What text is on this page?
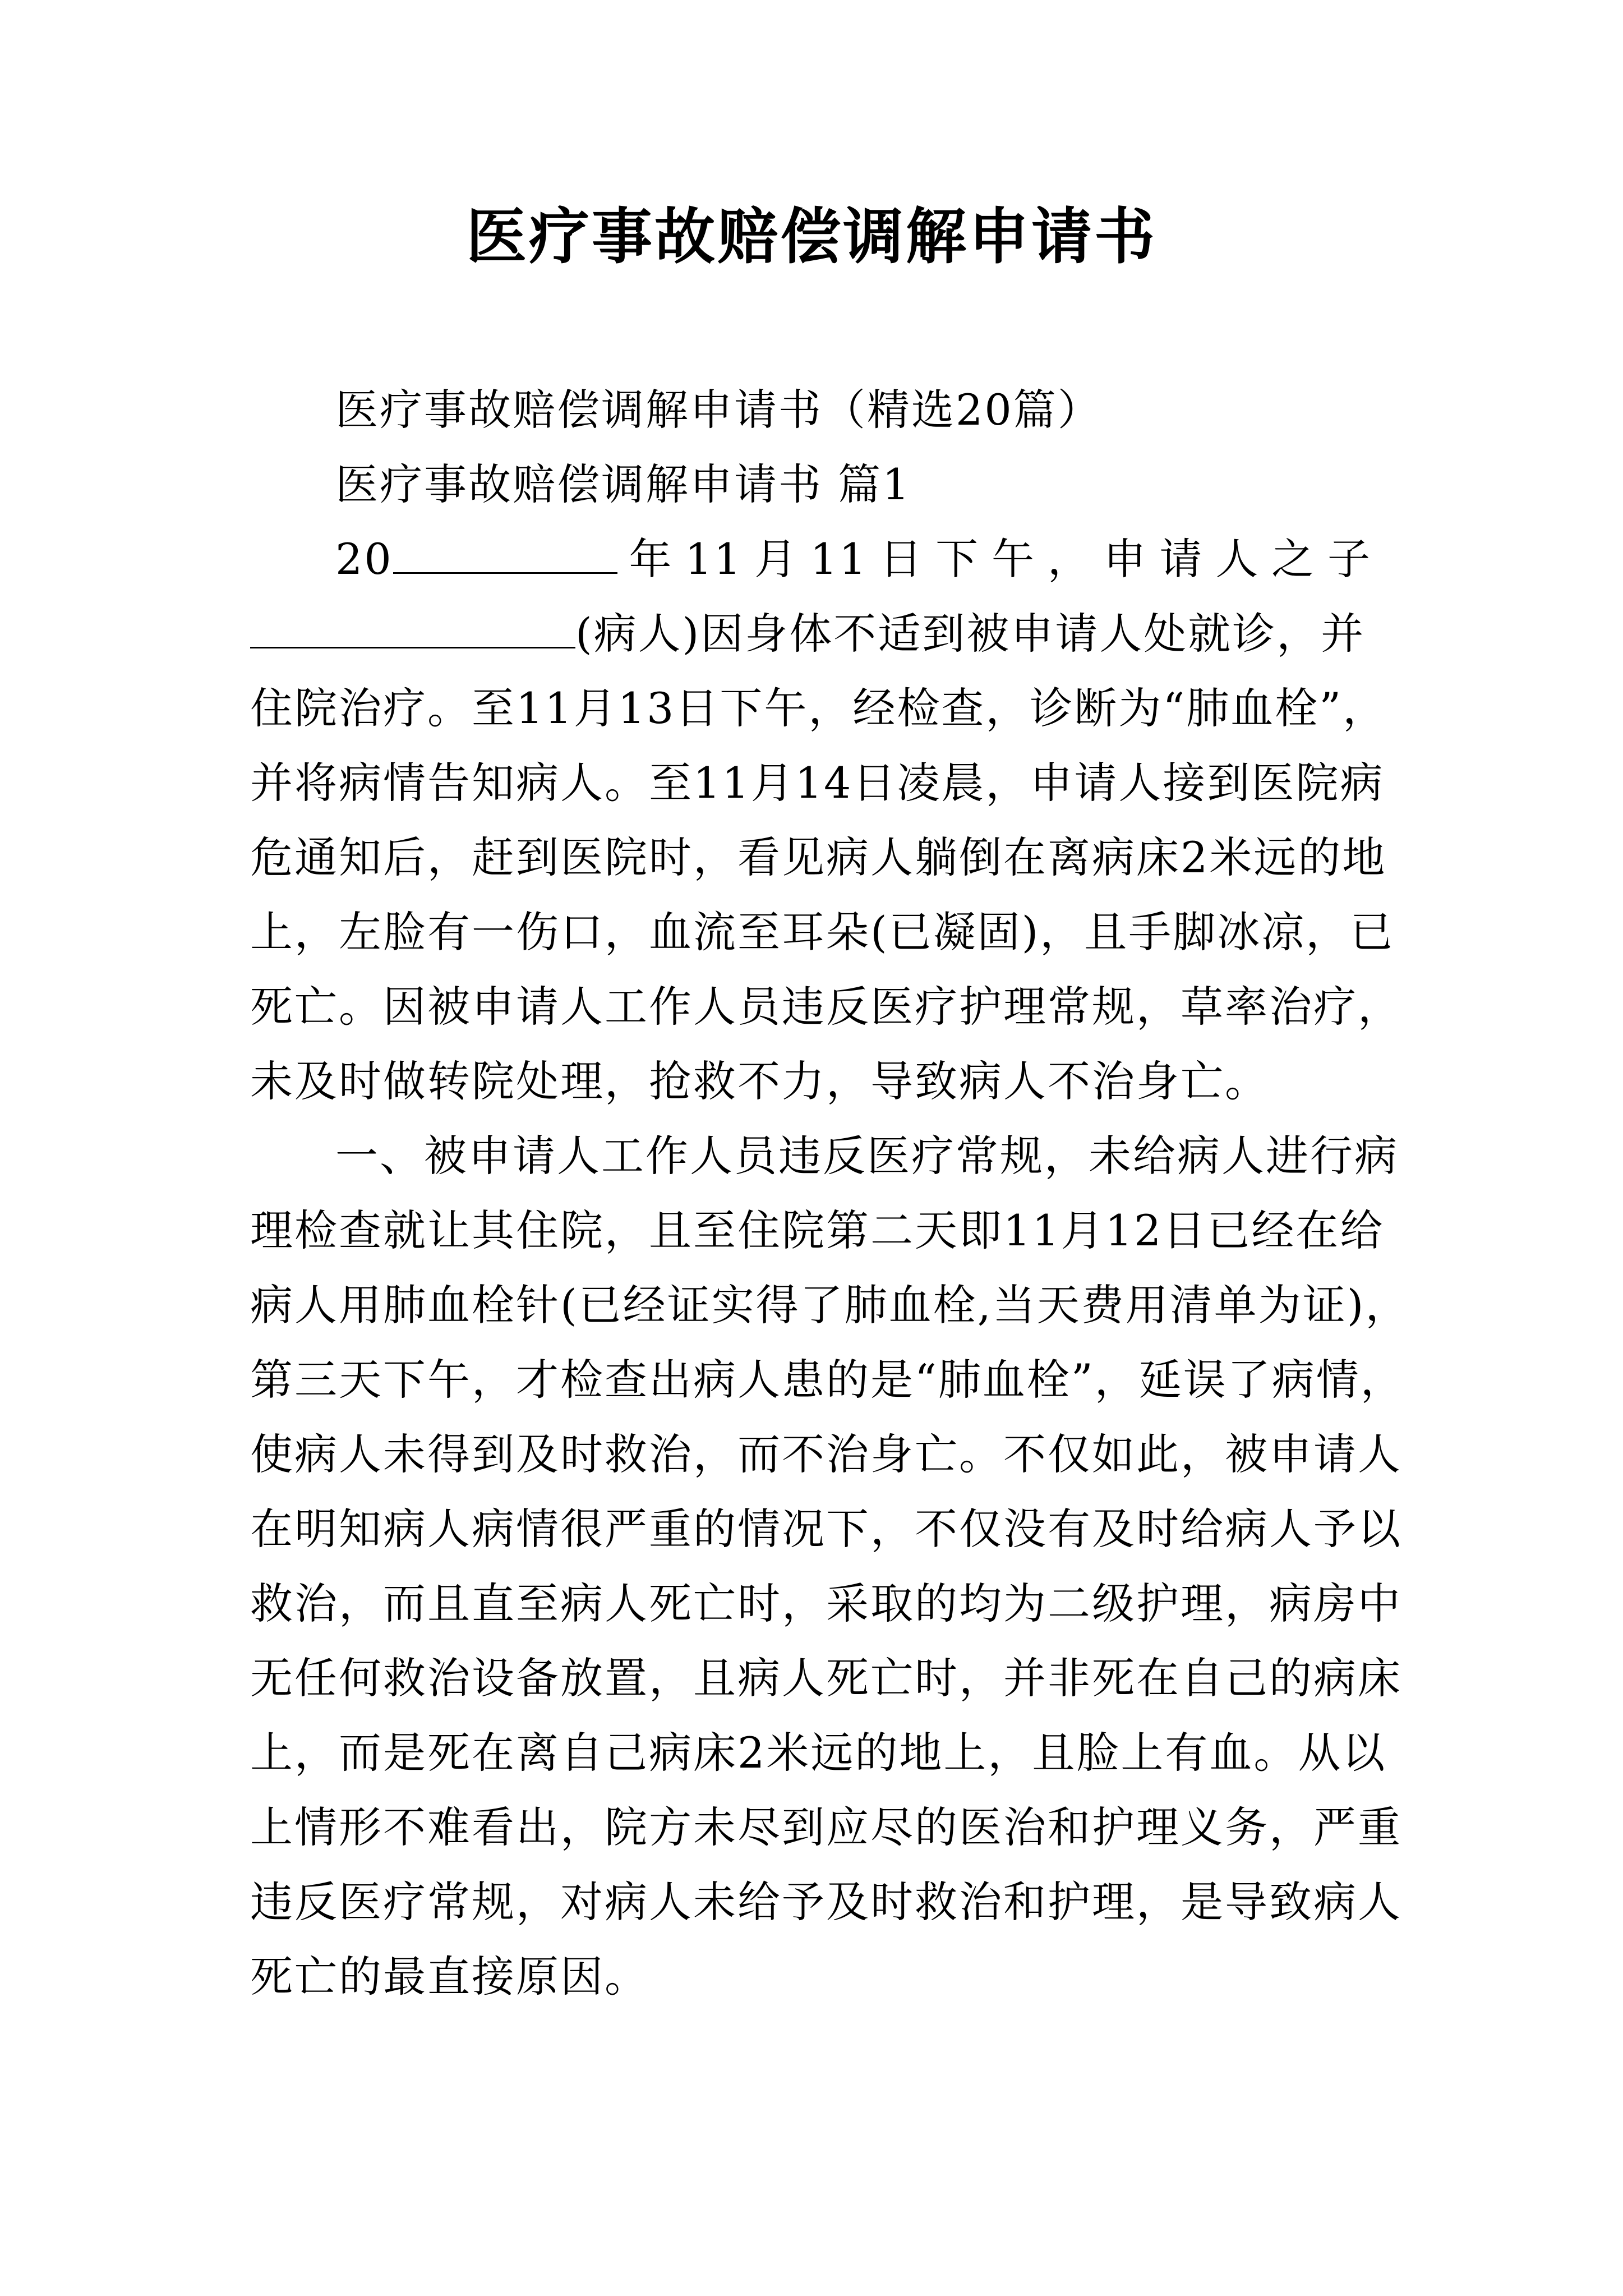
医疗事故赔偿调解申请书
医疗事故赔偿调解申请书（精选20篇）
医疗事故赔偿调解申请书 篇1
20	年11月11日下午，申请人之子
(病人)因身体不适到被申请人处就诊，并
住院治疗。至11月13日下午，经检查，诊断为“肺血栓”，
并将病情告知病人。至11月14日凌晨，申请人接到医院病
危通知后，赶到医院时，看见病人躺倒在离病床2米远的地
上，左脸有一伤口，血流至耳朵(已凝固)，且手脚冰凉，已
死亡。因被申请人工作人员违反医疗护理常规，草率治疗，
未及时做转院处理，抢救不力，导致病人不治身亡。
一、被申请人工作人员违反医疗常规，未给病人进行病
理检查就让其住院，且至住院第二天即11月12日已经在给
病人用肺血栓针(已经证实得了肺血栓,当天费用清单为证)，
第三天下午，才检查出病人患的是“肺血栓”，延误了病情，
使病人未得到及时救治，而不治身亡。不仅如此，被申请人
在明知病人病情很严重的情况下，不仅没有及时给病人予以
救治，而且直至病人死亡时，采取的均为二级护理，病房中
无任何救治设备放置，且病人死亡时，并非死在自己的病床
上，而是死在离自己病床2米远的地上，且脸上有血。从以
上情形不难看出，院方未尽到应尽的医治和护理义务，严重
违反医疗常规，对病人未给予及时救治和护理，是导致病人
死亡的最直接原因。
